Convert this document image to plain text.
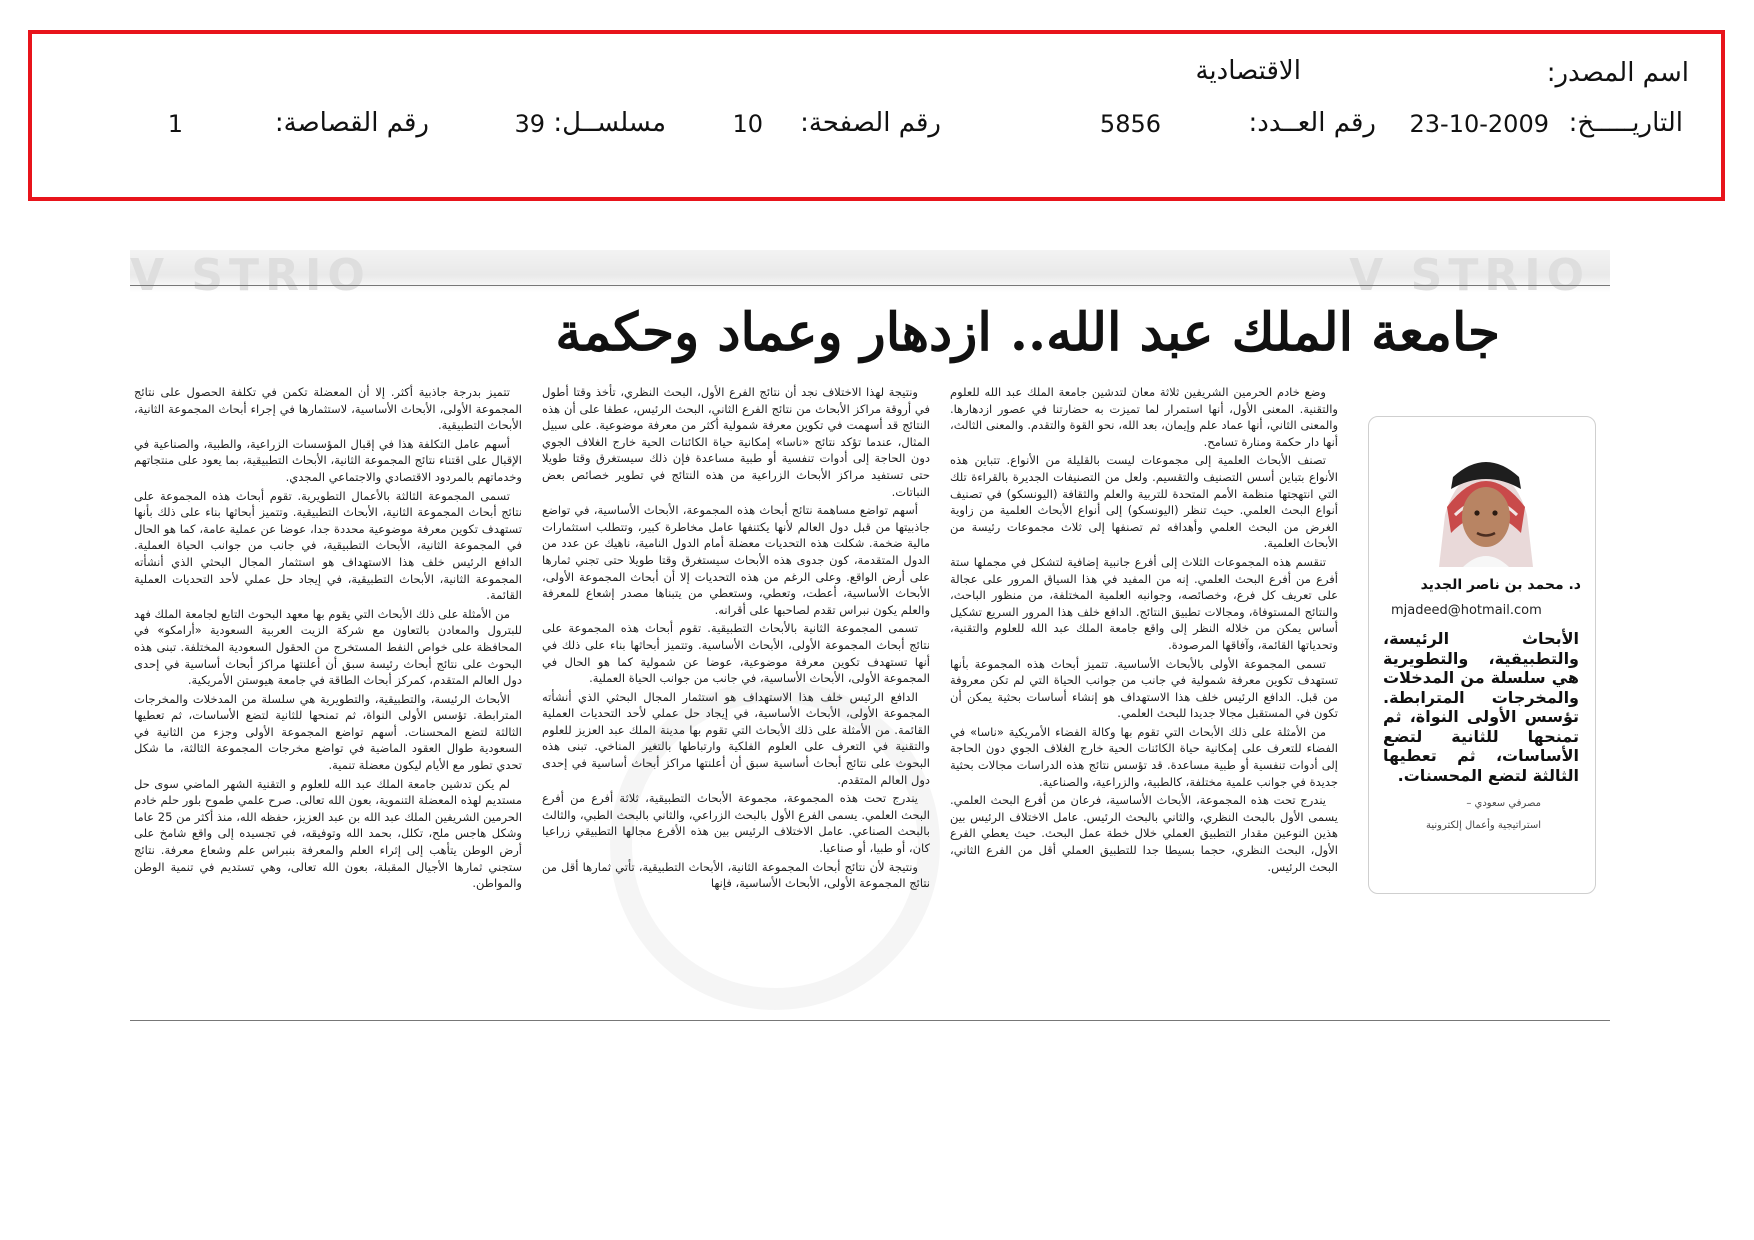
اسم المصدر:
الاقتصادية
التاريـــــخ:
23-10-2009
رقم العــدد:
5856
رقم الصفحة:
10
مسلســل:
39
رقم القصاصة:
1
V STRIO	V STRIO
جامعة الملك عبد الله.. ازدهار وعماد وحكمة

وضع خادم الحرمين الشريفين ثلاثة معان لتدشين جامعة الملك عبد الله للعلوم والتقنية. المعنى الأول، أنها استمرار لما تميزت به حضارتنا في عصور ازدهارها. والمعنى الثاني، أنها عماد علم وإيمان، بعد الله، نحو القوة والتقدم. والمعنى الثالث، أنها دار حكمة ومنارة تسامح.

تصنف الأبحاث العلمية إلى مجموعات ليست بالقليلة من الأنواع. تتباين هذه الأنواع بتباين أسس التصنيف والتقسيم. ولعل من التصنيفات الجديرة بالقراءة تلك التي انتهجتها منظمة الأمم المتحدة للتربية والعلم والثقافة (اليونسكو) في تصنيف أنواع البحث العلمي. حيث تنظر (اليونسكو) إلى أنواع الأبحاث العلمية من زاوية الغرض من البحث العلمي وأهدافه ثم تصنفها إلى ثلاث مجموعات رئيسة من الأبحاث العلمية.

تنقسم هذه المجموعات الثلاث إلى أفرع جانبية إضافية لتشكل في مجملها ستة أفرع من أفرع البحث العلمي. إنه من المفيد في هذا السياق المرور على عجالة على تعريف كل فرع، وخصائصه، وجوانبه العلمية المختلفة، من منظور الباحث، والنتائج المستوفاة، ومجالات تطبيق النتائج. الدافع خلف هذا المرور السريع تشكيل أساس يمكن من خلاله النظر إلى واقع جامعة الملك عبد الله للعلوم والتقنية، وتحدياتها القائمة، وآفاقها المرصودة.

تسمى المجموعة الأولى بالأبحاث الأساسية. تتميز أبحاث هذه المجموعة بأنها تستهدف تكوين معرفة شمولية في جانب من جوانب الحياة التي لم تكن معروفة من قبل. الدافع الرئيس خلف هذا الاستهداف هو إنشاء أساسات بحثية يمكن أن تكون في المستقبل مجالا جديدا للبحث العلمي.

من الأمثلة على ذلك الأبحاث التي تقوم بها وكالة الفضاء الأمريكية «ناسا» في الفضاء للتعرف على إمكانية حياة الكائنات الحية خارج الغلاف الجوي دون الحاجة إلى أدوات تنفسية أو طبية مساعدة. قد تؤسس نتائج هذه الدراسات مجالات بحثية جديدة في جوانب علمية مختلفة، كالطبية، والزراعية، والصناعية.

يندرج تحت هذه المجموعة، الأبحاث الأساسية، فرعان من أفرع البحث العلمي. يسمى الأول بالبحث النظري، والثاني بالبحث الرئيس. عامل الاختلاف الرئيس بين هذين النوعين مقدار التطبيق العملي خلال خطة عمل البحث. حيث يعطي الفرع الأول، البحث النظري، حجما بسيطا جدا للتطبيق العملي أقل من الفرع الثاني، البحث الرئيس.

ونتيجة لهذا الاختلاف نجد أن نتائج الفرع الأول، البحث النظري، تأخذ وقتا أطول في أروقة مراكز الأبحاث من نتائج الفرع الثاني، البحث الرئيس، عطفا على أن هذه النتائج قد أسهمت في تكوين معرفة شمولية أكثر من معرفة موضوعية. على سبيل المثال، عندما تؤكد نتائج «ناسا» إمكانية حياة الكائنات الحية خارج الغلاف الجوي دون الحاجة إلى أدوات تنفسية أو طبية مساعدة فإن ذلك سيستغرق وقتا طويلا حتى تستفيد مراكز الأبحاث الزراعية من هذه النتائج في تطوير خصائص بعض النباتات.

أسهم تواضع مساهمة نتائج أبحاث هذه المجموعة، الأبحاث الأساسية، في تواضع جاذبيتها من قبل دول العالم لأنها يكتنفها عامل مخاطرة كبير، وتتطلب استثمارات مالية ضخمة. شكلت هذه التحديات معضلة أمام الدول النامية، ناهيك عن عدد من الدول المتقدمة، كون جدوى هذه الأبحاث سيستغرق وقتا طويلا حتى تجني ثمارها على أرض الواقع. وعلى الرغم من هذه التحديات إلا أن أبحاث المجموعة الأولى، الأبحاث الأساسية، أعطت، وتعطي، وستعطي من يتبناها مصدر إشعاع للمعرفة والعلم يكون نبراس تقدم لصاحبها على أقرانه.

تسمى المجموعة الثانية بالأبحاث التطبيقية. تقوم أبحاث هذه المجموعة على نتائج أبحاث المجموعة الأولى، الأبحاث الأساسية. وتتميز أبحاثها بناء على ذلك في أنها تستهدف تكوين معرفة موضوعية، عوضا عن شمولية كما هو الحال في المجموعة الأولى، الأبحاث الأساسية، في جانب من جوانب الحياة العملية.

الدافع الرئيس خلف هذا الاستهداف هو استثمار المجال البحثي الذي أنشأته المجموعة الأولى، الأبحاث الأساسية، في إيجاد حل عملي لأحد التحديات العملية القائمة. من الأمثلة على ذلك الأبحاث التي تقوم بها مدينة الملك عبد العزيز للعلوم والتقنية في التعرف على العلوم الفلكية وارتباطها بالتغير المناخي. تبنى هذه البحوث على نتائج أبحاث أساسية سبق أن أعلنتها مراكز أبحاث أساسية في إحدى دول العالم المتقدم.

يندرج تحت هذه المجموعة، مجموعة الأبحاث التطبيقية، ثلاثة أفرع من أفرع البحث العلمي. يسمى الفرع الأول بالبحث الزراعي، والثاني بالبحث الطبي، والثالث بالبحث الصناعي. عامل الاختلاف الرئيس بين هذه الأفرع مجالها التطبيقي زراعيا كان، أو طبيا، أو صناعيا.

ونتيجة لأن نتائج أبحاث المجموعة الثانية، الأبحاث التطبيقية، تأتي ثمارها أقل من نتائج المجموعة الأولى، الأبحاث الأساسية، فإنها

تتميز بدرجة جاذبية أكثر. إلا أن المعضلة تكمن في تكلفة الحصول على نتائج المجموعة الأولى، الأبحاث الأساسية، لاستثمارها في إجراء أبحاث المجموعة الثانية، الأبحاث التطبيقية.

أسهم عامل التكلفة هذا في إقبال المؤسسات الزراعية، والطبية، والصناعية في الإقبال على اقتناء نتائج المجموعة الثانية، الأبحاث التطبيقية، بما يعود على منتجاتهم وخدماتهم بالمردود الاقتصادي والاجتماعي المجدي.

تسمى المجموعة الثالثة بالأعمال التطويرية. تقوم أبحاث هذه المجموعة على نتائج أبحاث المجموعة الثانية، الأبحاث التطبيقية. وتتميز أبحاثها بناء على ذلك بأنها تستهدف تكوين معرفة موضوعية محددة جدا، عوضا عن عملية عامة، كما هو الحال في المجموعة الثانية، الأبحاث التطبيقية، في جانب من جوانب الحياة العملية. الدافع الرئيس خلف هذا الاستهداف هو استثمار المجال البحثي الذي أنشأته المجموعة الثانية، الأبحاث التطبيقية، في إيجاد حل عملي لأحد التحديات العملية القائمة.

من الأمثلة على ذلك الأبحاث التي يقوم بها معهد البحوث التابع لجامعة الملك فهد للبترول والمعادن بالتعاون مع شركة الزيت العربية السعودية «أرامكو» في المحافظة على خواص النفط المستخرج من الحقول السعودية المختلفة. تبنى هذه البحوث على نتائج أبحاث رئيسة سبق أن أعلنتها مراكز أبحاث أساسية في إحدى دول العالم المتقدم، كمركز أبحاث الطاقة في جامعة هيوستن الأمريكية.

الأبحاث الرئيسة، والتطبيقية، والتطويرية هي سلسلة من المدخلات والمخرجات المترابطة. تؤسس الأولى النواة، ثم تمنحها للثانية لتضع الأساسات، ثم تعطيها الثالثة لتضع المحسنات. أسهم تواضع المجموعة الأولى وجزء من الثانية في السعودية طوال العقود الماضية في تواضع مخرجات المجموعة الثالثة، ما شكل تحدي تطور مع الأيام ليكون معضلة تنمية.

لم يكن تدشين جامعة الملك عبد الله للعلوم و التقنية الشهر الماضي سوى حل مستديم لهذه المعضلة التنموية، بعون الله تعالى. صرح علمي طموح بلور حلم خادم الحرمين الشريفين الملك عبد الله بن عبد العزيز، حفظه الله، منذ أكثر من 25 عاما وشكل هاجس ملح، تكلل، بحمد الله وتوفيقه، في تجسيده إلى واقع شامخ على أرض الوطن يتأهب إلى إثراء العلم والمعرفة بنبراس علم وشعاع معرفة. نتائج ستجني ثمارها الأجيال المقبلة، بعون الله تعالى، وهي تستديم في تنمية الوطن والمواطن.

د. محمد بن ناصر الجديد
mjadeed@hotmail.com
الأبحاث الرئيسة، والتطبيقية، والتطويرية هي سلسلة من المدخلات والمخرجات المترابطة. تؤسس الأولى النواة، ثم تمنحها للثانية لتضع الأساسات، ثم تعطيها الثالثة لتضع المحسنات.
مصرفي سعودي –
استراتيجية وأعمال إلكترونية
